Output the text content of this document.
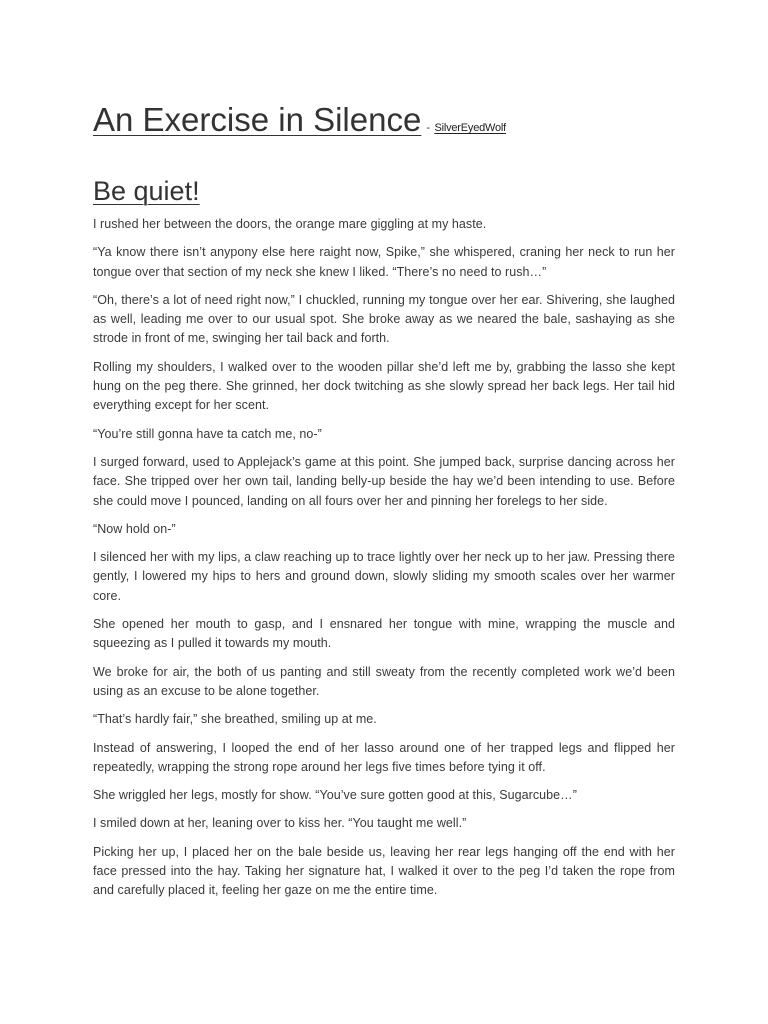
An Exercise in Silence - SilverEyedWolf
Be quiet!

I rushed her between the doors, the orange mare giggling at my haste.

“Ya know there isn’t anypony else here raight now, Spike,” she whispered, craning her neck to run her tongue over that section of my neck she knew I liked. “There’s no need to rush…”

“Oh, there’s a lot of need right now,” I chuckled, running my tongue over her ear. Shivering, she laughed as well, leading me over to our usual spot. She broke away as we neared the bale, sashaying as she strode in front of me, swinging her tail back and forth.

Rolling my shoulders, I walked over to the wooden pillar she’d left me by, grabbing the lasso she kept hung on the peg there. She grinned, her dock twitching as she slowly spread her back legs. Her tail hid everything except for her scent.

“You’re still gonna have ta catch me, no-”

I surged forward, used to Applejack’s game at this point. She jumped back, surprise dancing across her face. She tripped over her own tail, landing belly-up beside the hay we’d been intending to use. Before she could move I pounced, landing on all fours over her and pinning her forelegs to her side.

“Now hold on-”

I silenced her with my lips, a claw reaching up to trace lightly over her neck up to her jaw. Pressing there gently, I lowered my hips to hers and ground down, slowly sliding my smooth scales over her warmer core.

She opened her mouth to gasp, and I ensnared her tongue with mine, wrapping the muscle and squeezing as I pulled it towards my mouth.

We broke for air, the both of us panting and still sweaty from the recently completed work we’d been using as an excuse to be alone together.

“That’s hardly fair,” she breathed, smiling up at me.

Instead of answering, I looped the end of her lasso around one of her trapped legs and flipped her repeatedly, wrapping the strong rope around her legs five times before tying it off.

She wriggled her legs, mostly for show. “You’ve sure gotten good at this, Sugarcube…”

I smiled down at her, leaning over to kiss her. “You taught me well.”

Picking her up, I placed her on the bale beside us, leaving her rear legs hanging off the end with her face pressed into the hay. Taking her signature hat, I walked it over to the peg I’d taken the rope from and carefully placed it, feeling her gaze on me the entire time.
